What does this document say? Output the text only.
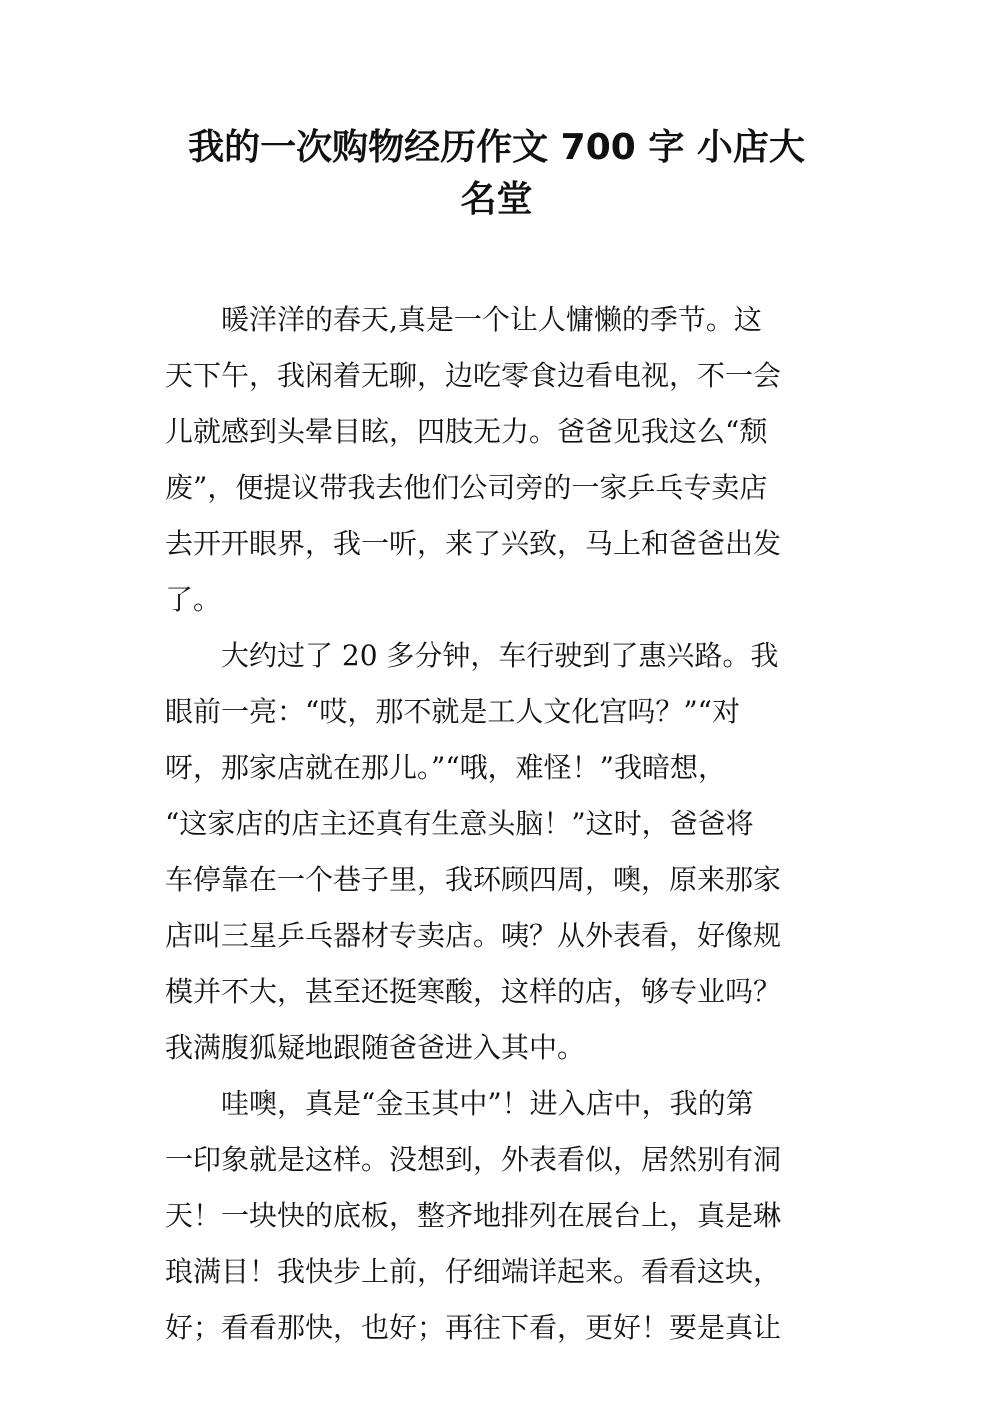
我的一次购物经历作文 700 字 小店大
名堂
暖洋洋的春天,真是一个让人慵懒的季节。这
天下午，我闲着无聊，边吃零食边看电视，不一会
儿就感到头晕目眩，四肢无力。爸爸见我这么“颓
废”，便提议带我去他们公司旁的一家乒乓专卖店
去开开眼界，我一听，来了兴致，马上和爸爸出发
了。
大约过了 20 多分钟，车行驶到了惠兴路。我
眼前一亮：“哎，那不就是工人文化宫吗？”“对
呀，那家店就在那儿。”“哦，难怪！”我暗想，
“这家店的店主还真有生意头脑！”这时，爸爸将
车停靠在一个巷子里，我环顾四周，噢，原来那家
店叫三星乒乓器材专卖店。咦？从外表看，好像规
模并不大，甚至还挺寒酸，这样的店，够专业吗？
我满腹狐疑地跟随爸爸进入其中。
哇噢，真是“金玉其中”！进入店中，我的第
一印象就是这样。没想到，外表看似，居然别有洞
天！一块快的底板，整齐地排列在展台上，真是琳
琅满目！我快步上前，仔细端详起来。看看这块，
好；看看那快，也好；再往下看，更好！要是真让
